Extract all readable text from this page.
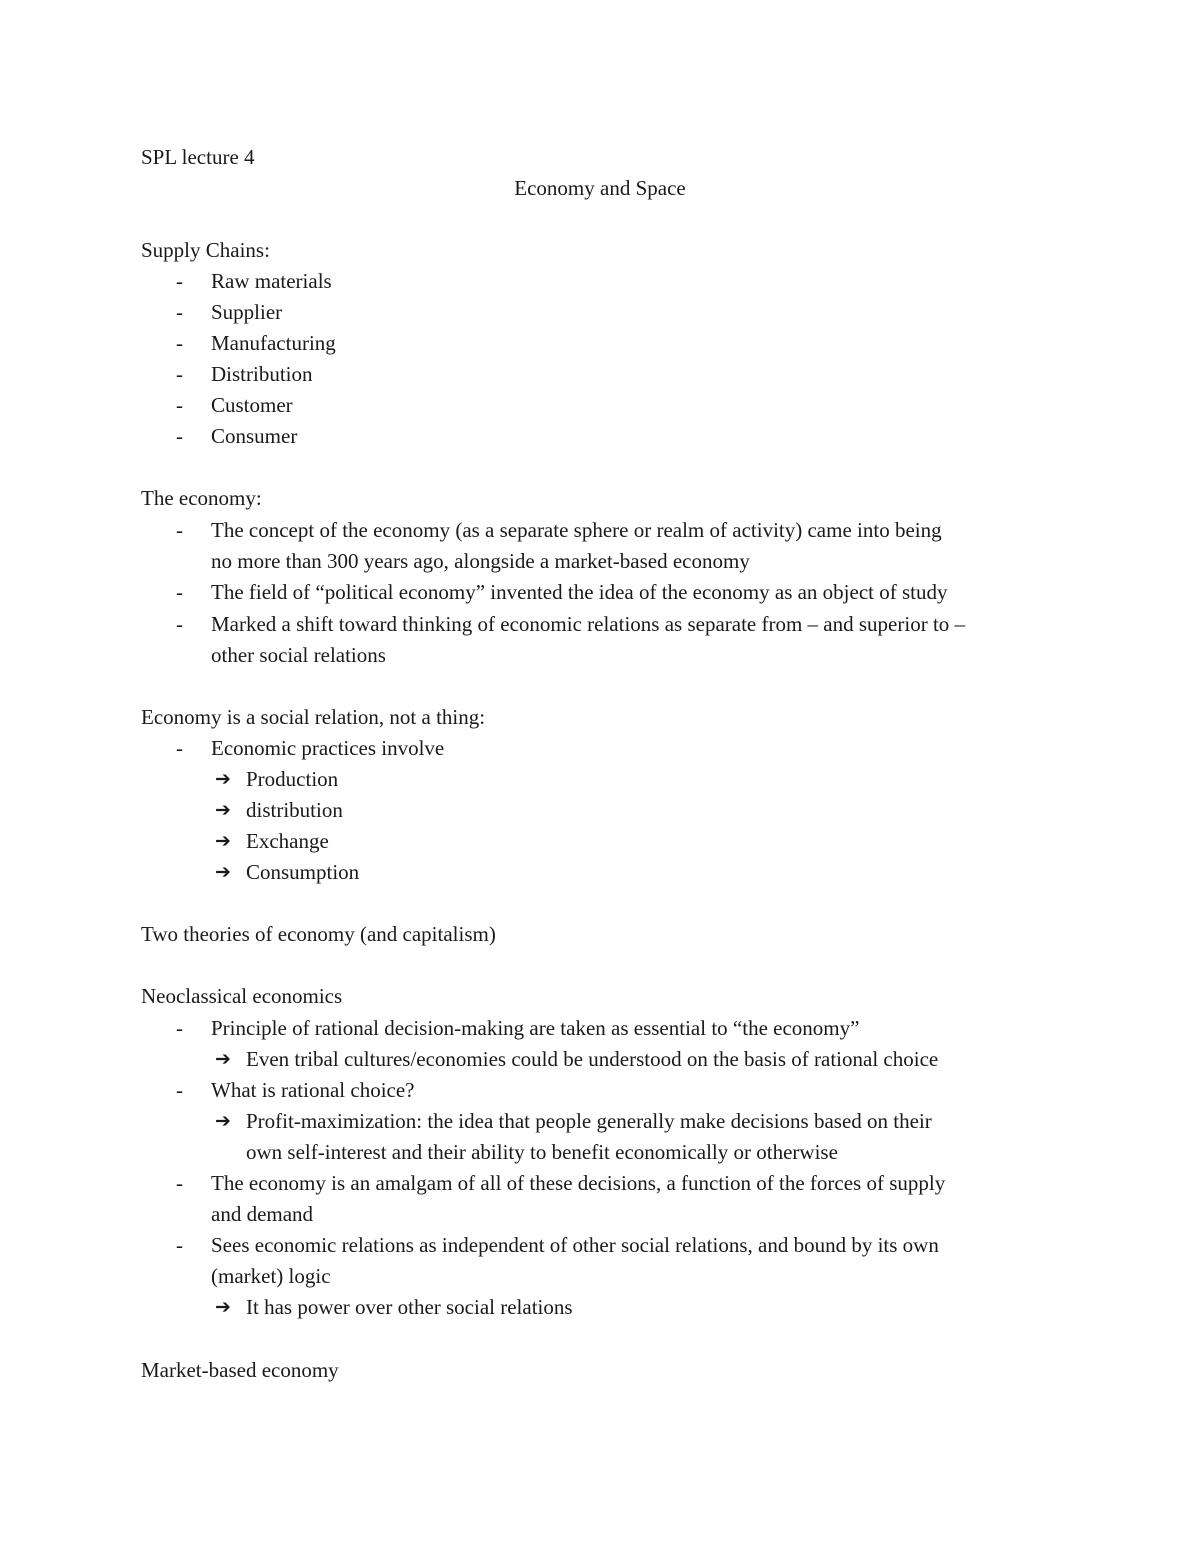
SPL lecture 4
Economy and Space
Supply Chains:
- Raw materials
- Supplier
- Manufacturing
- Distribution
- Customer
- Consumer
The economy:
- The concept of the economy (as a separate sphere or realm of activity) came into being
no more than 300 years ago, alongside a market-based economy
- The field of “political economy” invented the idea of the economy as an object of study
- Marked a shift toward thinking of economic relations as separate from – and superior to –
other social relations
Economy is a social relation, not a thing:
- Economic practices involve
➔ Production
➔ distribution
➔ Exchange
➔ Consumption
Two theories of economy (and capitalism)
Neoclassical economics
- Principle of rational decision-making are taken as essential to “the economy”
➔ Even tribal cultures/economies could be understood on the basis of rational choice
- What is rational choice?
➔ Profit-maximization: the idea that people generally make decisions based on their
own self-interest and their ability to benefit economically or otherwise
- The economy is an amalgam of all of these decisions, a function of the forces of supply
and demand
- Sees economic relations as independent of other social relations, and bound by its own
(market) logic
➔ It has power over other social relations
Market-based economy
